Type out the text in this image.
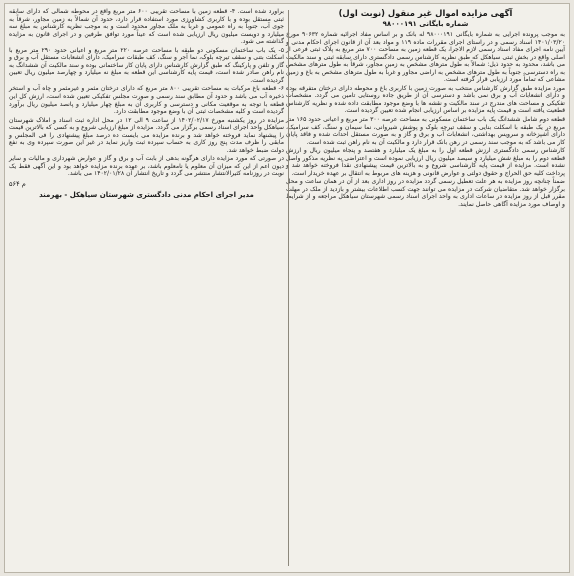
آگهی مزایده اموال غیر منقول (نوبت اول)
شماره بایگانی ۹۸۰۰۰۱۹۱

به موجب پرونده اجرایی به شماره بایگانی ۹۸۰۰۰۱۹۱ له بانک و بر اساس مفاد اجرائیه شماره ۹۰۶۳۲ مورخ ۱۴۰۱/۰۳/۲۰ اسناد رسمی و در راستای اجرای مقررات ماده ۱۱۹ و مواد بعد آن از قانون اجرای احکام مدنی و آیین نامه اجرای مفاد اسناد رسمی لازم الاجرا، یک قطعه زمین به مساحت ۷۰۰ متر مربع به پلاک ثبتی فرعی از اصلی واقع در بخش ثبتی سیاهکل که طبق نظریه کارشناس رسمی دادگستری دارای سابقه ثبتی و سند مالکیت می باشد، محدود به حدود ذیل: شمالاً به طول مترهای مشخص به زمین مجاور، شرقاً به طول مترهای مشخص به راه دسترسی، جنوباً به طول مترهای مشخص به اراضی مجاور و غرباً به طول مترهای مشخص به باغ و زمین مشاعی که تماماً مورد ارزیابی قرار گرفته است.

مورد مزایده طبق گزارش کارشناس منتخب به صورت زمین با کاربری باغ و محوطه دارای درختان متفرقه بوده و دارای انشعابات آب و برق نمی باشد و دسترسی آن از طریق جاده روستایی تامین می گردد. مشخصات تفکیکی و مساحت های مندرج در سند مالکیت و نقشه ها با وضع موجود مطابقت داده شده و نظریه کارشناس قطعیت یافته است و قیمت پایه مزایده بر اساس ارزیابی انجام شده تعیین گردیده است.

قطعه دوم شامل ششدانگ یک باب ساختمان مسکونی به مساحت عرصه ۳۰۰ متر مربع و اعیانی حدود ۱۶۵ متر مربع در یک طبقه با اسکلت بنایی و سقف تیرچه بلوک و پوشش شیروانی، نما سیمان و سنگ، کف سرامیک، دارای آشپزخانه و سرویس بهداشتی، انشعابات آب و برق و گاز و به صورت مستقل احداث شده و فاقد پایان کار می باشد که به موجب سند رسمی در رهن بانک قرار دارد و مالکیت آن به نام راهن ثبت شده است.

کارشناس رسمی دادگستری ارزش قطعه اول را به مبلغ یک میلیارد و هفتصد و پنجاه میلیون ریال و ارزش قطعه دوم را به مبلغ شش میلیارد و سیصد میلیون ریال ارزیابی نموده است و اعتراضی به نظریه مذکور واصل نشده است. مزایده از قیمت پایه کارشناسی شروع و به بالاترین قیمت پیشنهادی نقداً فروخته خواهد شد و پرداخت کلیه حق الحراج و حقوق دولتی و عوارض قانونی و هزینه های مربوط به انتقال بر عهده خریدار است.

ضمناً چنانچه روز مزایده به هر علت تعطیل رسمی گردد مزایده در روز اداری بعد از آن در همان ساعت و محل برگزار خواهد شد. متقاضیان شرکت در مزایده می توانند جهت کسب اطلاعات بیشتر و بازدید از ملک در مهلت مقرر قبل از روز مزایده در ساعات اداری به واحد اجرای اسناد رسمی شهرستان سیاهکل مراجعه و از شرایط و اوصاف مورد مزایده آگاهی حاصل نمایند.

برآورد شده است. ۴- قطعه زمین با مساحت تقریبی ۶۰۰ متر مربع واقع در محوطه شمالی که دارای سابقه ثبتی مستقل بوده و با کاربری کشاورزی مورد استفاده قرار دارد، حدود آن شمالاً به زمین مجاور، شرقاً به جوی آب، جنوباً به راه عمومی و غرباً به ملک مجاور محدود است و به موجب نظریه کارشناس به مبلغ سه میلیارد و دویست میلیون ریال ارزیابی شده است که عیناً مورد توافق طرفین و در اجرای قانون به مزایده گذاشته می شود.

۵- یک باب ساختمان مسکونی دو طبقه با مساحت عرصه ۲۲۰ متر مربع و اعیانی حدود ۲۹۰ متر مربع با اسکلت بتنی و سقف تیرچه بلوک، نما آجر و سنگ، کف طبقات سرامیک، دارای انشعابات مستقل آب و برق و گاز و تلفن و پارکینگ که طبق گزارش کارشناس دارای پایان کار ساختمانی بوده و سند مالکیت آن ششدانگ به نام راهن صادر شده است، قیمت پایه کارشناسی این قطعه به مبلغ نه میلیارد و چهارصد میلیون ریال تعیین گردیده است.

۶- قطعه باغ مرکبات به مساحت تقریبی ۸۰۰ متر مربع که دارای درختان مثمر و غیرمثمر و چاه آب و استخر ذخیره آب می باشد و حدود آن مطابق سند رسمی و صورت مجلس تفکیکی تعیین شده است، ارزش کل این قطعه با توجه به موقعیت مکانی و دسترسی و کاربری آن به مبلغ چهار میلیارد و پانصد میلیون ریال برآورد گردیده است و کلیه مشخصات ثبتی آن با وضع موجود مطابقت دارد.

مزایده در روز یکشنبه مورخ ۱۴۰۲/۰۲/۱۷ از ساعت ۹ الی ۱۲ در محل اداره ثبت اسناد و املاک شهرستان سیاهکل واحد اجرای اسناد رسمی برگزار می گردد. مزایده از مبلغ ارزیابی شروع و به کسی که بالاترین قیمت را پیشنهاد نماید فروخته خواهد شد و برنده مزایده می بایست ده درصد مبلغ پیشنهادی را فی المجلس و مابقی را ظرف مدت پنج روز کاری به حساب سپرده ثبت واریز نماید در غیر این صورت سپرده وی به نفع دولت ضبط خواهد شد.

در صورتی که مورد مزایده دارای هرگونه بدهی از بابت آب و برق و گاز و عوارض شهرداری و مالیات و سایر دیون اعم از این که میزان آن معلوم یا نامعلوم باشد، بر عهده برنده مزایده خواهد بود و این آگهی فقط یک نوبت در روزنامه کثیرالانتشار منتشر می گردد و تاریخ انتشار آن ۱۴۰۲/۰۱/۲۸ می باشد.

م ۵۶۴
مدیر اجرای احکام مدنی دادگستری شهرستان سیاهکل - بهرمند
